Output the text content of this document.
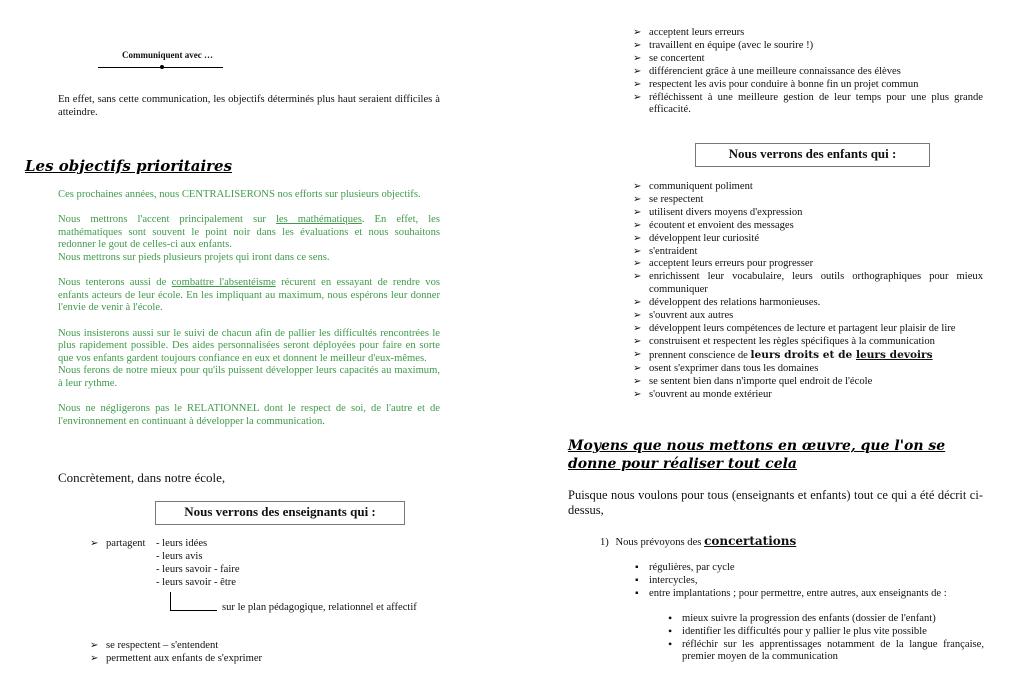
Communiquent avec …
En effet, sans cette communication, les objectifs déterminés plus haut seraient difficiles à atteindre.
Les objectifs prioritaires
Ces prochaines années, nous CENTRALISERONS nos efforts sur plusieurs objectifs.
Nous mettrons l'accent principalement sur les mathématiques. En effet, les mathématiques sont souvent le point noir dans les évaluations et nous souhaitons redonner le gout de celles-ci aux enfants.
Nous mettrons sur pieds plusieurs projets qui iront dans ce sens.
Nous tenterons aussi de combattre l'absentéisme récurent en essayant de rendre vos enfants acteurs de leur école. En les impliquant au maximum, nous espérons leur donner l'envie de venir à l'école.
Nous insisterons aussi sur le suivi de chacun afin de pallier les difficultés rencontrées le plus rapidement possible. Des aides personnalisées seront déployées pour faire en sorte que vos enfants gardent toujours confiance en eux et donnent le meilleur d'eux-mêmes.
Nous ferons de notre mieux pour qu'ils puissent développer leurs capacités au maximum, à leur rythme.
Nous ne négligerons pas le RELATIONNEL dont le respect de soi, de l'autre et de l'environnement en continuant à développer la communication.
Concrètement, dans notre école,
Nous verrons des enseignants qui :
➢ partagent - leurs idées
- leurs avis
- leurs savoir - faire
- leurs savoir - être
sur le plan pédagogique, relationnel et affectif
➢ se respectent – s'entendent
➢ permettent aux enfants de s'exprimer
➢ acceptent leurs erreurs
➢ travaillent en équipe (avec le sourire !)
➢ se concertent
➢ différencient grâce à une meilleure connaissance des élèves
➢ respectent les avis pour conduire à bonne fin un projet commun
➢ réfléchissent à une meilleure gestion de leur temps pour une plus grande efficacité.
Nous verrons des enfants qui :
➢ communiquent poliment
➢ se respectent
➢ utilisent divers moyens d'expression
➢ écoutent et envoient des messages
➢ développent leur curiosité
➢ s'entraident
➢ acceptent leurs erreurs pour progresser
➢ enrichissent leur vocabulaire, leurs outils orthographiques pour mieux communiquer
➢ développent des relations harmonieuses.
➢ s'ouvrent aux autres
➢ développent leurs compétences de lecture et partagent leur plaisir de lire
➢ construisent et respectent les règles spécifiques à la communication
➢ prennent conscience de leurs droits et de leurs devoirs
➢ osent s'exprimer dans tous les domaines
➢ se sentent bien dans n'importe quel endroit de l'école
➢ s'ouvrent au monde extérieur
Moyens que nous mettons en œuvre, que l'on se donne pour réaliser tout cela
Puisque nous voulons pour tous (enseignants et enfants) tout ce qui a été décrit ci-dessus,
1) Nous prévoyons des concertations
▪ régulières, par cycle
▪ intercycles,
▪ entre implantations ; pour permettre, entre autres, aux enseignants de :
• mieux suivre la progression des enfants (dossier de l'enfant)
• identifier les difficultés pour y pallier le plus vite possible
• réfléchir sur les apprentissages notamment de la langue française, premier moyen de la communication
